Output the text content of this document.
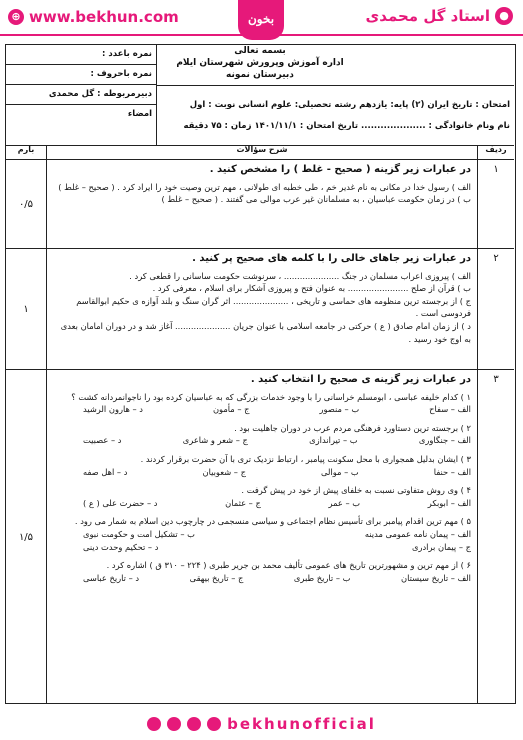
⊕ www.bekhun.com	●
استاد گل محمدی
بخون
بسمه تعالی
اداره آموزش وپرورش شهرستان ایلام
دبیرستان نمونه
امتحان : تاریخ ایران (۲) پایه: یازدهم رشته تحصیلی: علوم انسانی نوبت : اول
نام ونام خانوادگی : .................... تاریخ امتحان : ۱۴۰۱/۱۱/۱ زمان : ۷۵ دقیقه
نمره باعدد :
نمره باحروف :
دبیرمربوطه : گل محمدی
امضاء
ردیف
شرح سؤالات
بارم
۱

در عبارات زیر گزینه ( صحیح - غلط ) را مشخص کنید .

الف ) رسول خدا در مکانی به نام غدیر خم ، طی خطبه ای طولانی ، مهم ترین وصیت خود را ایراد کرد . ( صحیح – غلط )

ب ) در زمان حکومت عباسیان ، به مسلمانان غیر عرب موالی می گفتند . ( صحیح – غلط )

۰/۵
۲

در عبارات زیر جاهای خالی را با کلمه های صحیح پر کنید .

الف ) پیروزی اعراب مسلمان در جنگ ..................... ، سرنوشت حکومت ساسانی را قطعی کرد .

ب ) قرآن از صلح ....................... به عنوان فتح و پیروزی آشکار برای اسلام ، معرفی کرد .

ج ) از برجسته ترین منظومه های حماسی و تاریخی ، ..................... اثر گران سنگ و بلند آوازه ی حکیم ابوالقاسم فردوسی است .

د ) از زمان امام صادق ( ع ) حرکتی در جامعه اسلامی با عنوان جریان ..................... آغاز شد و در دوران امامان بعدی به اوج خود رسید .

۱
۳

در عبارات زیر گزینه ی صحیح را انتخاب کنید .

۱ ) کدام خلیفه عباسی ، ابومسلم خراسانی را با وجود خدمات بزرگی که به عباسیان کرده بود را ناجوانمردانه کشت ؟

الف – سفاح
ب – منصور
ج – مأمون
د – هارون الرشید

۲ ) برجسته ترین دستاورد فرهنگی مردم عرب در دوران جاهلیت بود .

الف – جنگاوری
ب – تیراندازی
ج – شعر و شاعری
د – عصبیت

۳ ) ایشان بدلیل همجواری با محل سکونت پیامبر ، ارتباط نزدیک تری با آن حضرت برقرار کردند .

الف – حنفا
ب – موالی
ج – شعوبیان
د – اهل صفه

۴ ) وی روش متفاوتی نسبت به خلفای پیش از خود در پیش گرفت .

الف – ابوبکر
ب – عمر
ج – عثمان
د – حضرت علی ( ع )

۵ ) مهم ترین اقدام پیامبر برای تأسیس نظام اجتماعی و سیاسی منسجمی در چارچوب دین اسلام به شمار می رود .

الف – پیمان نامه عمومی مدینه
ب – تشکیل امت و حکومت نبوی
ج – پیمان برادری
د – تحکیم وحدت دینی

۶ ) از مهم ترین و مشهورترین تاریخ های عمومی تألیف محمد بن جریر طبری ( ۲۲۴ – ۳۱۰ ق ) اشاره کرد .

الف – تاریخ سیستان
ب – تاریخ طبری
ج – تاریخ بیهقی
د – تاریخ عباسی
۱/۵
bekhunofficial
